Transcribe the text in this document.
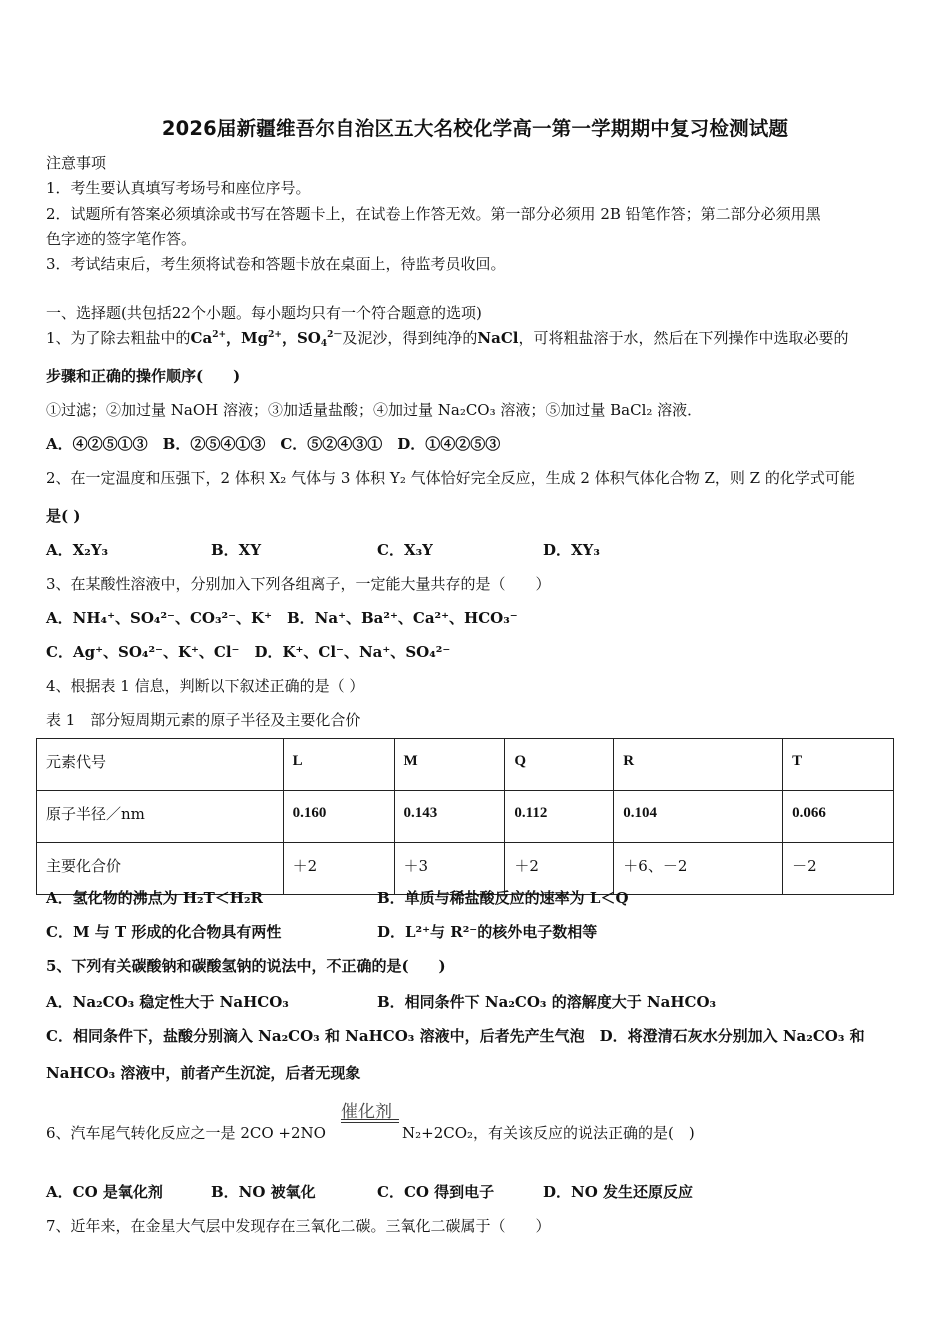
2026届新疆维吾尔自治区五大名校化学高一第一学期期中复习检测试题
注意事项
1．考生要认真填写考场号和座位序号。
2．试题所有答案必须填涂或书写在答题卡上，在试卷上作答无效。第一部分必须用 2B 铅笔作答；第二部分必须用黑
色字迹的签字笔作答。
3．考试结束后，考生须将试卷和答题卡放在桌面上，待监考员收回。
一、选择题(共包括22个小题。每小题均只有一个符合题意的选项)
1、为了除去粗盐中的$Ca^{2+}$，$Mg^{2+}$，$SO_4^{2-}$及泥沙，得到纯净的NaCl，可将粗盐溶于水，然后在下列操作中选取必要的
步骤和正确的操作顺序(　　)
①过滤；②加过量 NaOH 溶液；③加适量盐酸；④加过量 Na₂CO₃ 溶液；⑤加过量 BaCl₂ 溶液．
A．④②⑤①③　B．②⑤④①③　C．⑤②④③①　D．①④②⑤③
2、在一定温度和压强下，2 体积 X₂ 气体与 3 体积 Y₂ 气体恰好完全反应，生成 2 体积气体化合物 Z，则 Z 的化学式可能
是( )
A．X₂Y₃	B．XY	C．X₃Y	D．XY₃
3、在某酸性溶液中，分别加入下列各组离子，一定能大量共存的是（　　）
A．NH₄⁺、SO₄²⁻、CO₃²⁻、K⁺　B．Na⁺、Ba²⁺、Ca²⁺、HCO₃⁻
C．Ag⁺、SO₄²⁻、K⁺、Cl⁻　D．K⁺、Cl⁻、Na⁺、SO₄²⁻
4、根据表 1 信息，判断以下叙述正确的是（ ）
表 1　部分短周期元素的原子半径及主要化合价
元素代号	L	M	Q	R	T
原子半径／nm	0.160	0.143	0.112	0.104	0.066
主要化合价	＋2	＋3	＋2	＋6、－2	－2
A．氢化物的沸点为 H₂T＜H₂R	B．单质与稀盐酸反应的速率为 L＜Q
C．M 与 T 形成的化合物具有两性	D．L²⁺与 R²⁻的核外电子数相等
5、下列有关碳酸钠和碳酸氢钠的说法中，不正确的是(　　)
A．Na₂CO₃ 稳定性大于 NaHCO₃	B．相同条件下 Na₂CO₃ 的溶解度大于 NaHCO₃
C．相同条件下，盐酸分别滴入 Na₂CO₃ 和 NaHCO₃ 溶液中，后者先产生气泡　D．将澄清石灰水分别加入 Na₂CO₃ 和
NaHCO₃ 溶液中，前者产生沉淀，后者无现象
6、汽车尾气转化反应之一是 2CO +2NO
催化剂
N₂+2CO₂，有关该反应的说法正确的是(　)
A．CO 是氧化剂	B．NO 被氧化	C．CO 得到电子	D．NO 发生还原反应
7、近年来，在金星大气层中发现存在三氧化二碳。三氧化二碳属于（　　）
